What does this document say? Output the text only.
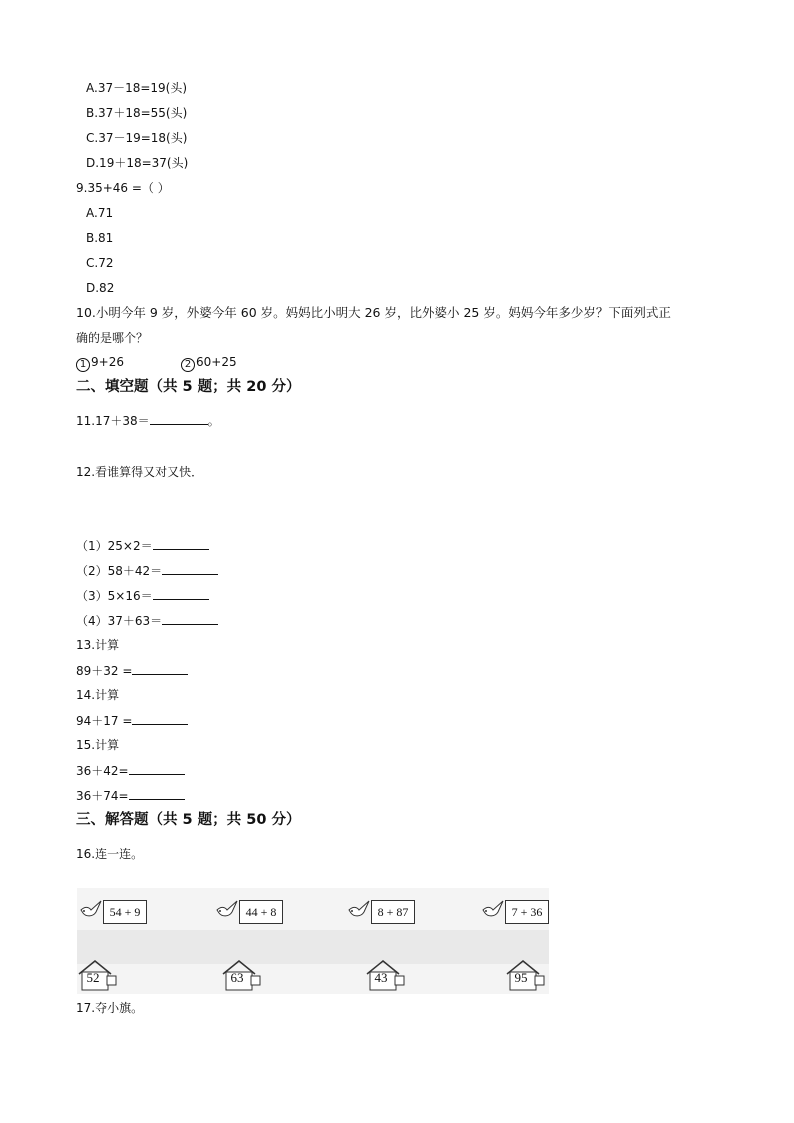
A.37－18=19(头)
B.37＋18=55(头)
C.37－19=18(头)
D.19＋18=37(头)
9.35+46 =（ ）
A.71
B.81
C.72
D.82
10.小明今年 9 岁，外婆今年 60 岁。妈妈比小明大 26 岁，比外婆小 25 岁。妈妈今年多少岁？下面列式正
确的是哪个？
1 9+26	2 60+25
二、填空题（共 5 题；共 20 分）
11.17＋38＝	。
12.看谁算得又对又快．
（1）25×2＝
（2）58＋42＝
（3）5×16＝
（4）37＋63＝
13.计算
89＋32 =
14.计算
94＋17 =
15.计算
36＋42=
36＋74=
三、解答题（共 5 题；共 50 分）
16.连一连。
54 + 9	44 + 8	8 + 87	7 + 36
52	63	43	95
17.夺小旗。
